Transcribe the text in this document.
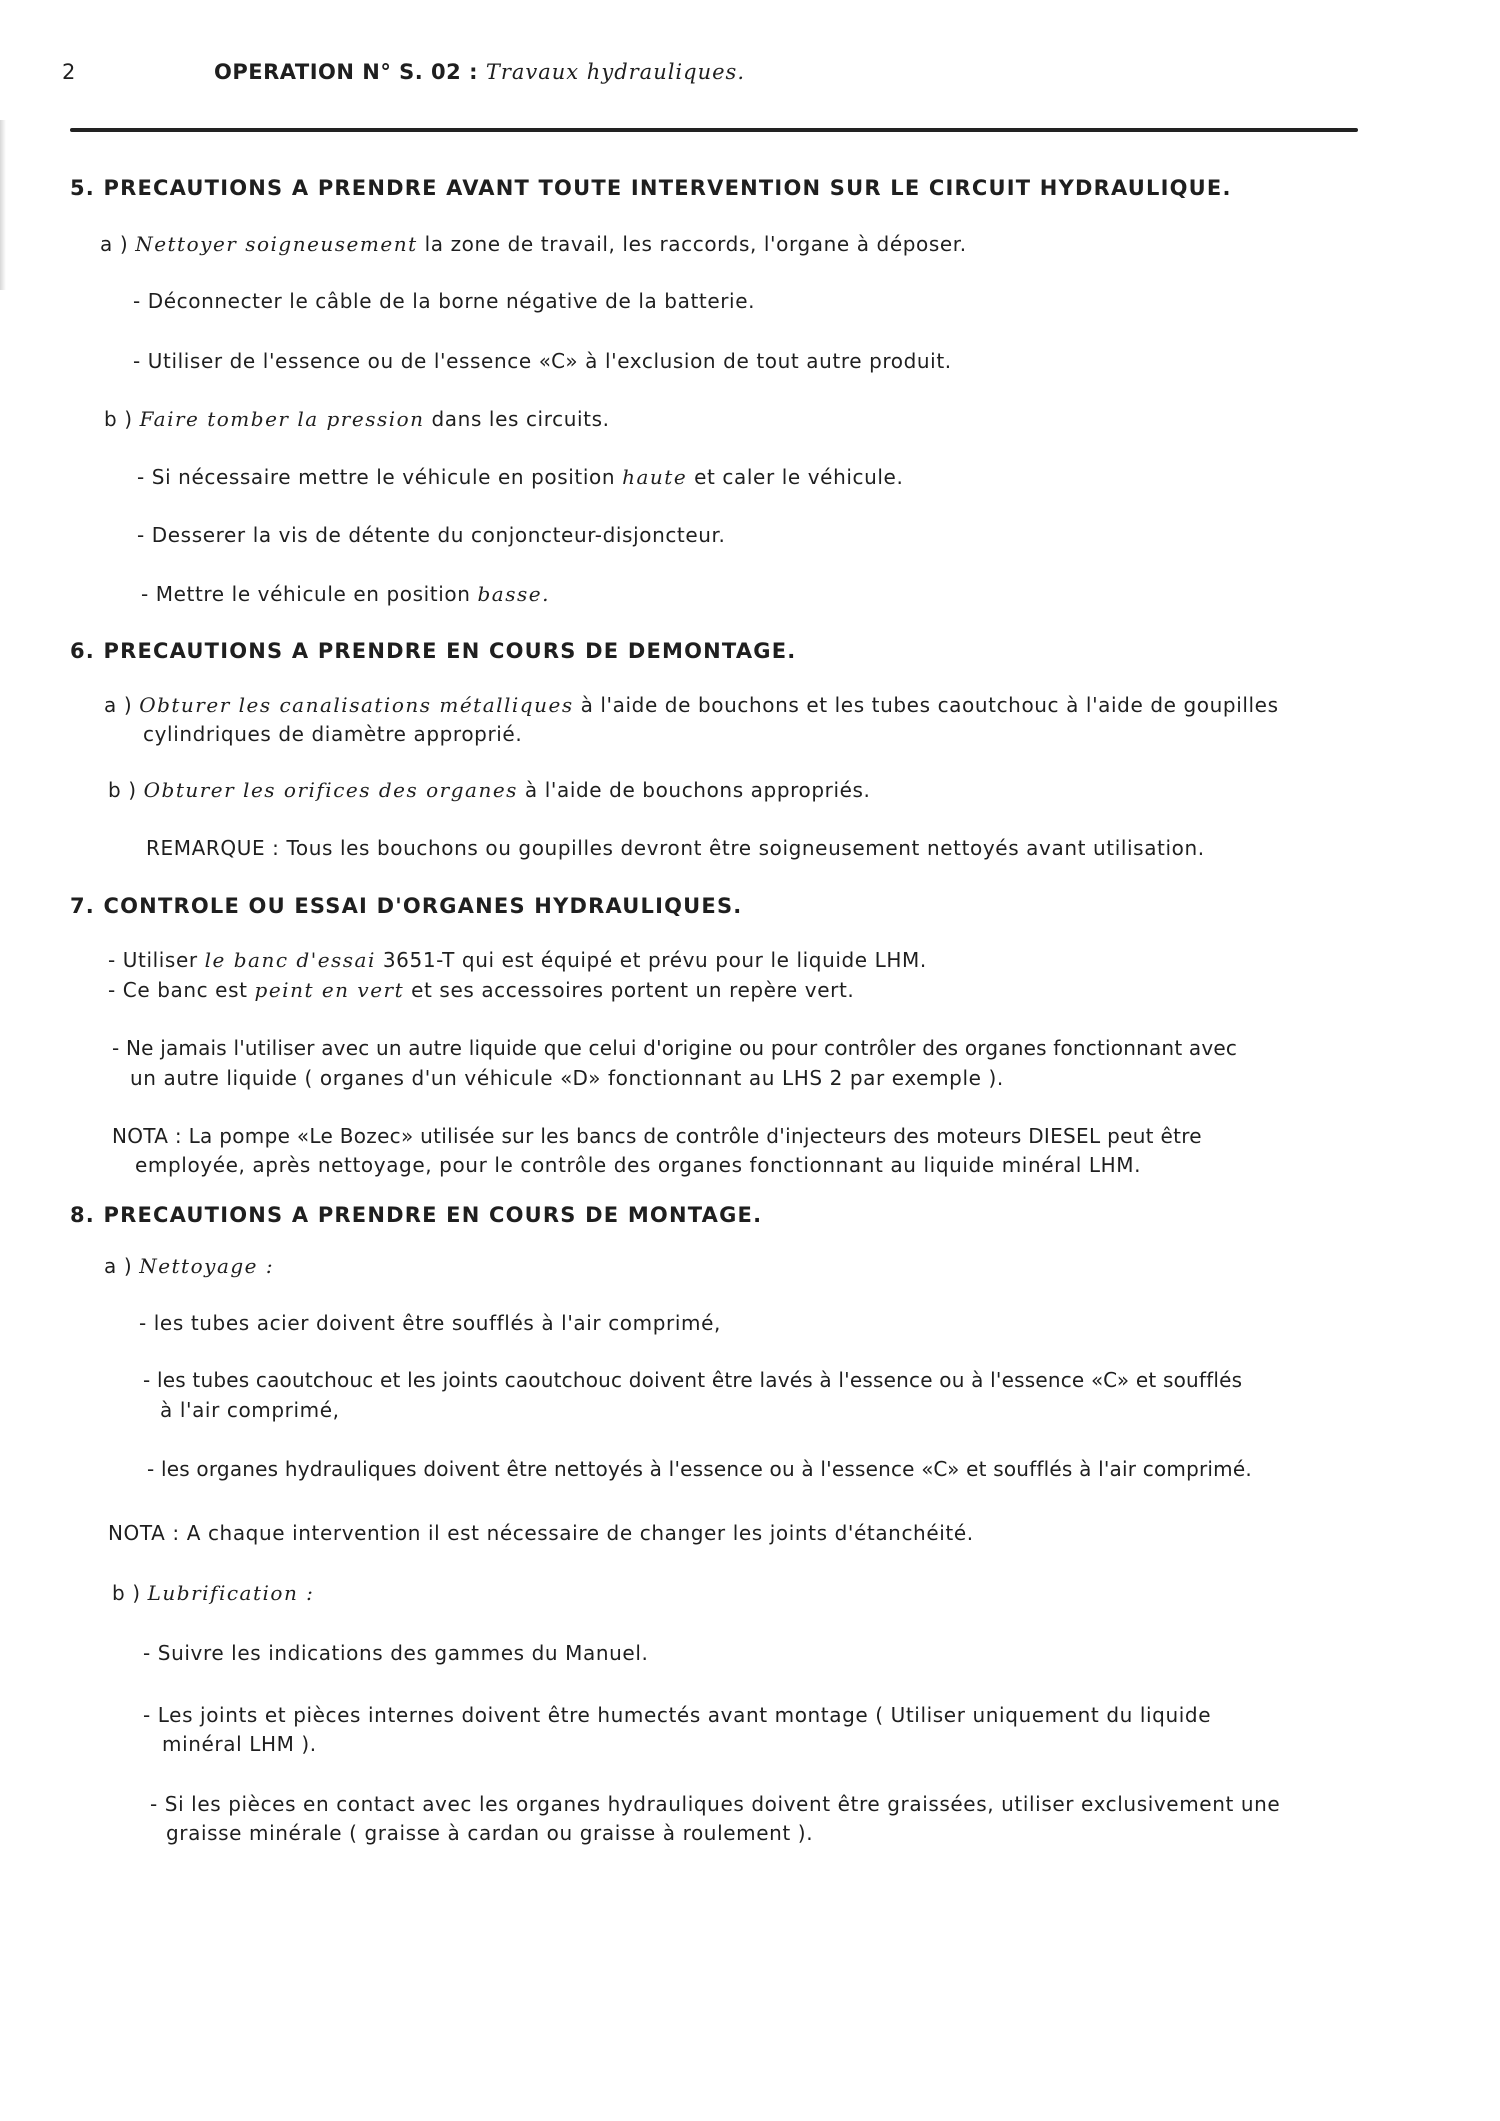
2	OPERATION N° S. 02 : Travaux hydrauliques.
5. PRECAUTIONS A PRENDRE AVANT TOUTE INTERVENTION SUR LE CIRCUIT HYDRAULIQUE.
a ) Nettoyer soigneusement la zone de travail, les raccords, l'organe à déposer.
- Déconnecter le câble de la borne négative de la batterie.
- Utiliser de l'essence ou de l'essence «C» à l'exclusion de tout autre produit.
b ) Faire tomber la pression dans les circuits.
- Si nécessaire mettre le véhicule en position haute et caler le véhicule.
- Desserer la vis de détente du conjoncteur-disjoncteur.
- Mettre le véhicule en position basse.
6. PRECAUTIONS A PRENDRE EN COURS DE DEMONTAGE.
a ) Obturer les canalisations métalliques à l'aide de bouchons et les tubes caoutchouc à l'aide de goupilles
cylindriques de diamètre approprié.
b ) Obturer les orifices des organes à l'aide de bouchons appropriés.
REMARQUE : Tous les bouchons ou goupilles devront être soigneusement nettoyés avant utilisation.
7. CONTROLE OU ESSAI D'ORGANES HYDRAULIQUES.
- Utiliser le banc d'essai 3651-T qui est équipé et prévu pour le liquide LHM.
- Ce banc est peint en vert et ses accessoires portent un repère vert.
- Ne jamais l'utiliser avec un autre liquide que celui d'origine ou pour contrôler des organes fonctionnant avec
un autre liquide ( organes d'un véhicule «D» fonctionnant au LHS 2 par exemple ).
NOTA : La pompe «Le Bozec» utilisée sur les bancs de contrôle d'injecteurs des moteurs DIESEL peut être
employée, après nettoyage, pour le contrôle des organes fonctionnant au liquide minéral LHM.
8. PRECAUTIONS A PRENDRE EN COURS DE MONTAGE.
a ) Nettoyage :
- les tubes acier doivent être soufflés à l'air comprimé,
- les tubes caoutchouc et les joints caoutchouc doivent être lavés à l'essence ou à l'essence «C» et soufflés
à l'air comprimé,
- les organes hydrauliques doivent être nettoyés à l'essence ou à l'essence «C» et soufflés à l'air comprimé.
NOTA : A chaque intervention il est nécessaire de changer les joints d'étanchéité.
b ) Lubrification :
- Suivre les indications des gammes du Manuel.
- Les joints et pièces internes doivent être humectés avant montage ( Utiliser uniquement du liquide
minéral LHM ).
- Si les pièces en contact avec les organes hydrauliques doivent être graissées, utiliser exclusivement une
graisse minérale ( graisse à cardan ou graisse à roulement ).
